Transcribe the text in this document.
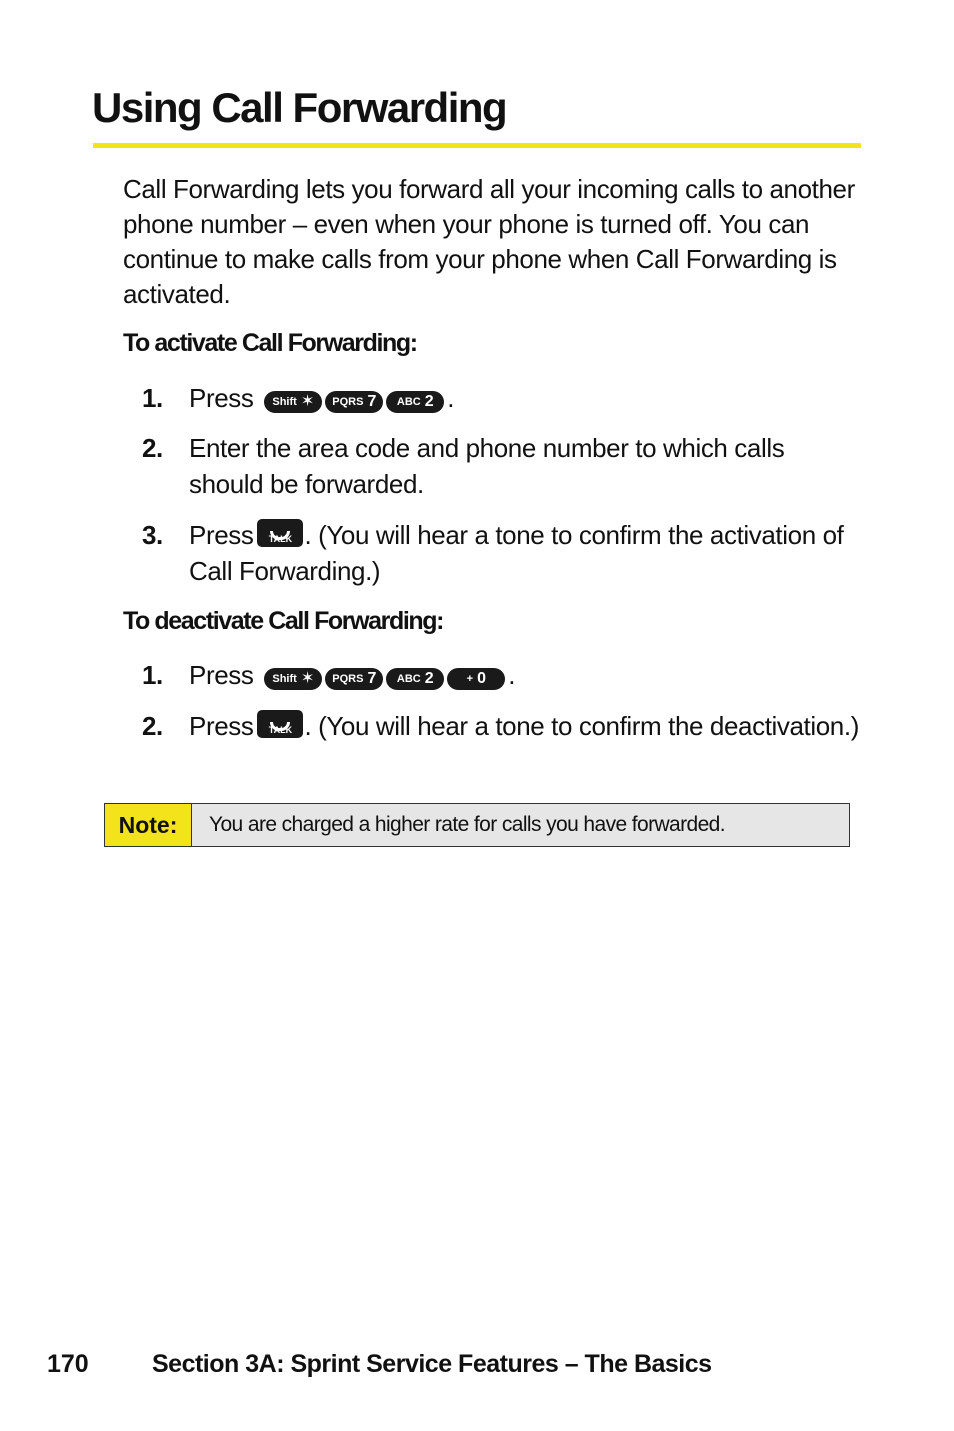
Using Call Forwarding

Call Forwarding lets you forward all your incoming calls to another phone number – even when your phone is turned off. You can continue to make calls from your phone when Call Forwarding is activated.

To activate Call Forwarding:
1.	Press Shift ✶ PQRS 7 ABC 2 .
2.	Enter the area code and phone number to which calls should be forwarded.
3.	Press	TALK . (You will hear a tone to confirm the activation of Call Forwarding.)
To deactivate Call Forwarding:
1.	Press Shift ✶ PQRS 7 ABC 2	+ 0 .
2.	Press	TALK . (You will hear a tone to confirm the deactivation.)
Note:	You are charged a higher rate for calls you have forwarded.
170	Section 3A: Sprint Service Features – The Basics
